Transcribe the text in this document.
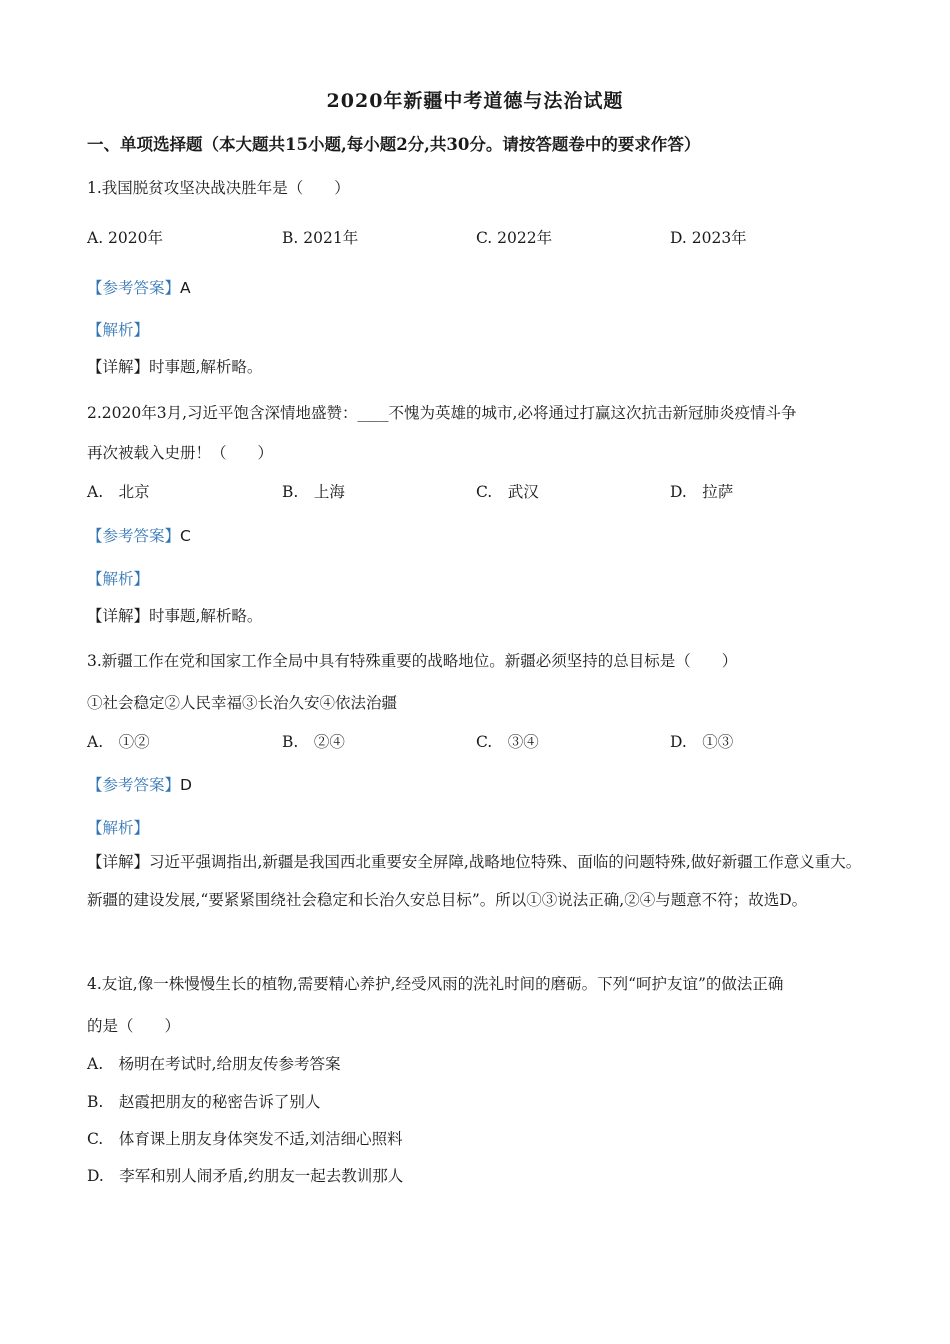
2020年新疆中考道德与法治试题
一、单项选择题（本大题共15小题,每小题2分,共30分。请按答题卷中的要求作答）
1.我国脱贫攻坚决战决胜年是（　　）
A. 2020年	B. 2021年	C. 2022年	D. 2023年
【参考答案】A
【解析】
【详解】时事题,解析略。
2.2020年3月,习近平饱含深情地盛赞：____不愧为英雄的城市,必将通过打赢这次抗击新冠肺炎疫情斗争
再次被载入史册！（　　）
A.　北京	B.　上海	C.　武汉	D.　拉萨
【参考答案】C
【解析】
【详解】时事题,解析略。
3.新疆工作在党和国家工作全局中具有特殊重要的战略地位。新疆必须坚持的总目标是（　　）
①社会稳定②人民幸福③长治久安④依法治疆
A.　①②	B.　②④	C.　③④	D.　①③
【参考答案】D
【解析】
【详解】习近平强调指出,新疆是我国西北重要安全屏障,战略地位特殊、面临的问题特殊,做好新疆工作意义重大。新疆的建设发展,“要紧紧围绕社会稳定和长治久安总目标”。所以①③说法正确,②④与题意不符；故选D。
4.友谊,像一株慢慢生长的植物,需要精心养护,经受风雨的洗礼时间的磨砺。下列“呵护友谊”的做法正确
的是（　　）
A.　杨明在考试时,给朋友传参考答案
B.　赵霞把朋友的秘密告诉了别人
C.　体育课上朋友身体突发不适,刘洁细心照料
D.　李军和别人闹矛盾,约朋友一起去教训那人
